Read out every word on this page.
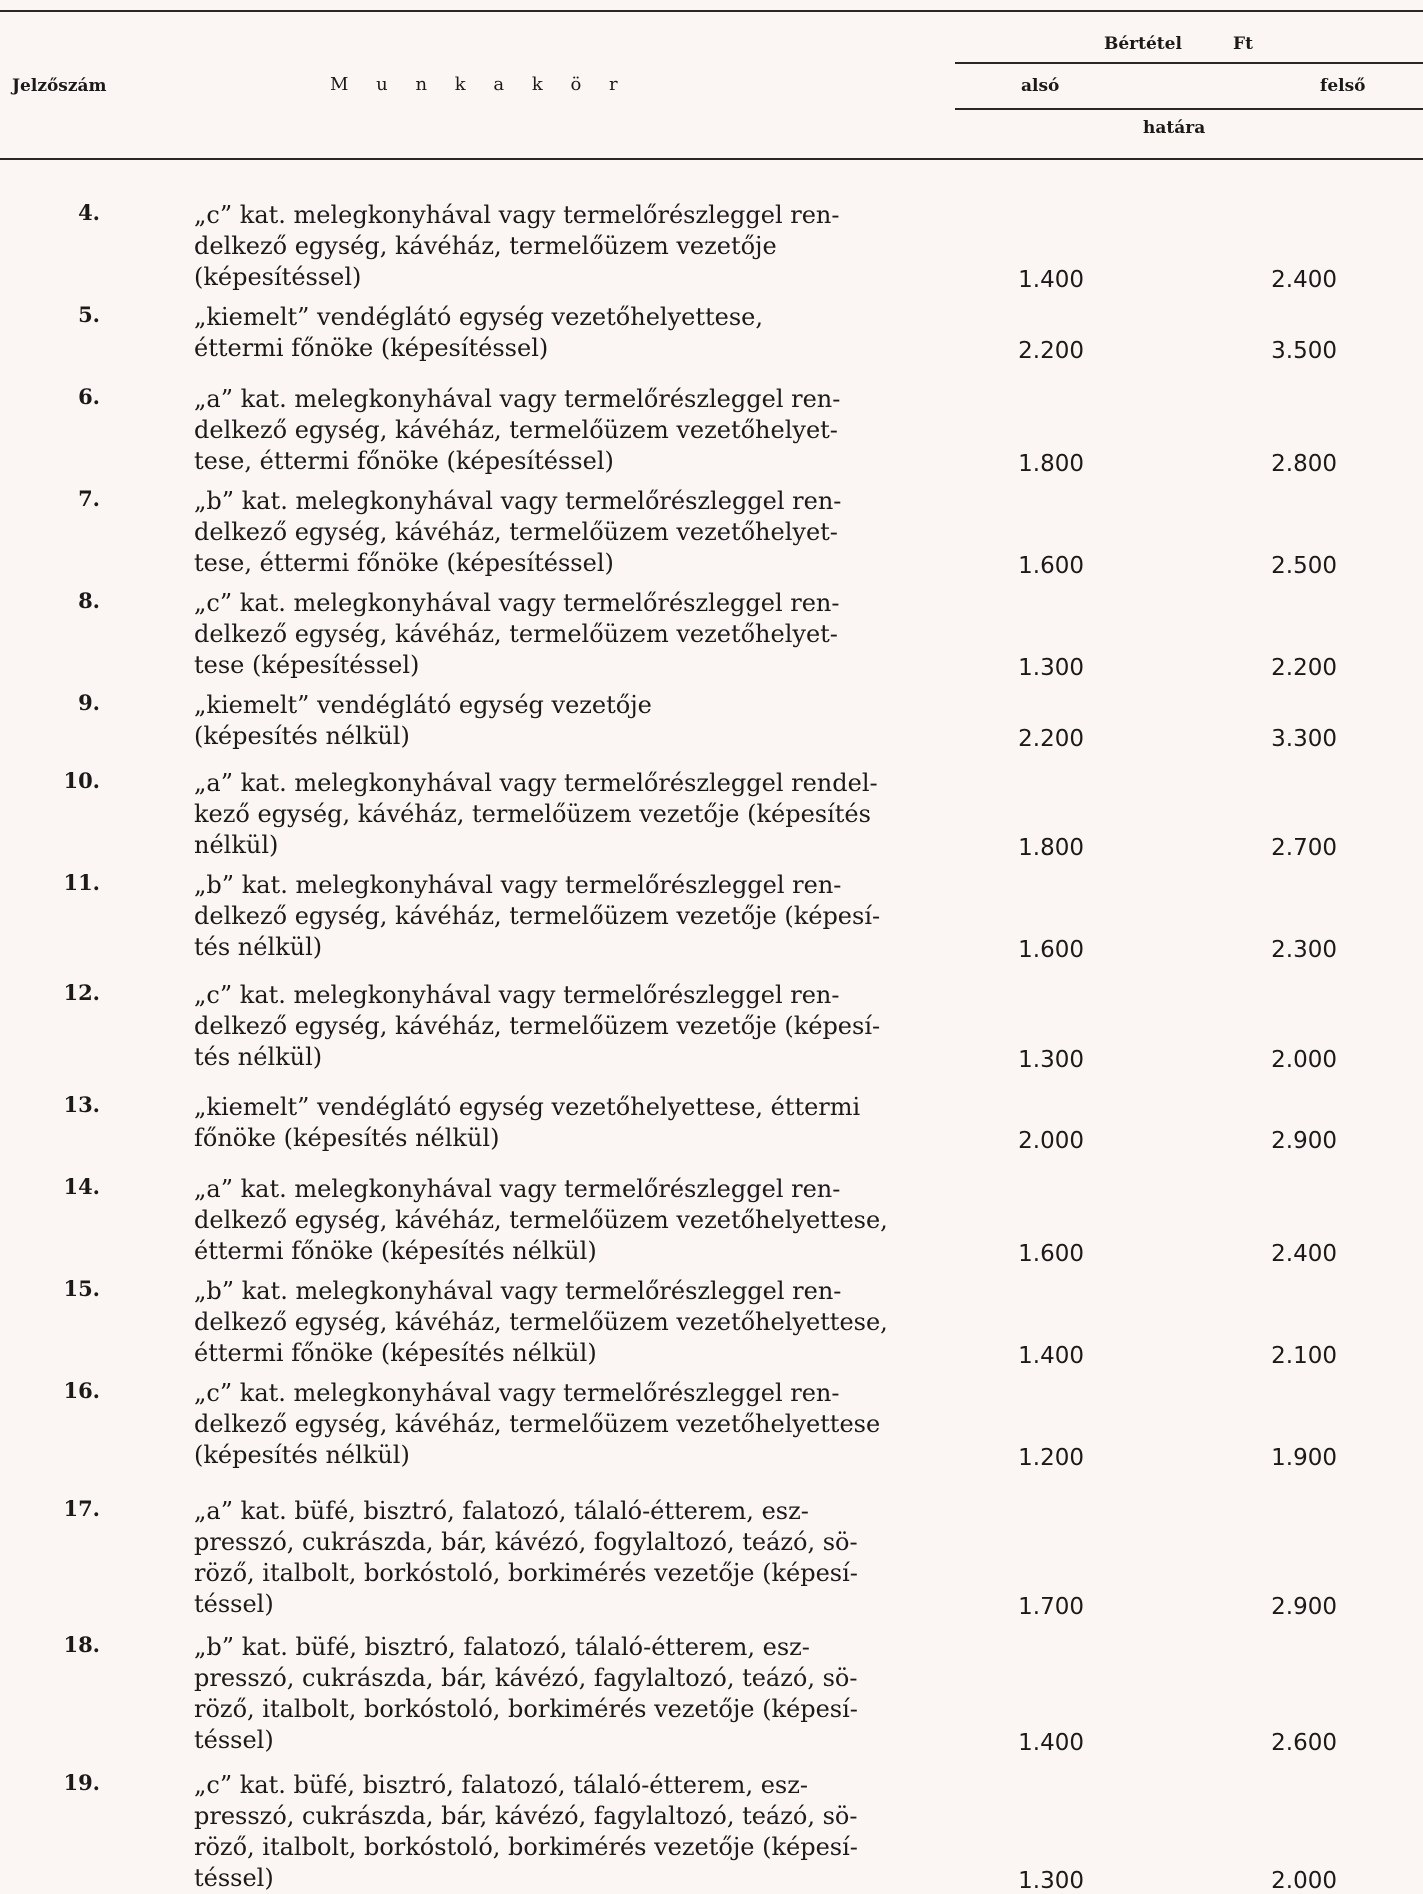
Jelzőszám	M u n k a k ö r
Bértétel	Ft
alsó	felső
határa
4.	„c” kat. melegkonyhával vagy termelőrészleggel ren-
delkező egység, kávéház, termelőüzem vezetője
(képesítéssel)	1.400	2.400
5.	„kiemelt” vendéglátó egység vezetőhelyettese,
éttermi főnöke (képesítéssel)	2.200	3.500
6.	„a” kat. melegkonyhával vagy termelőrészleggel ren-
delkező egység, kávéház, termelőüzem vezetőhelyet-
tese, éttermi főnöke (képesítéssel)	1.800	2.800
7.	„b” kat. melegkonyhával vagy termelőrészleggel ren-
delkező egység, kávéház, termelőüzem vezetőhelyet-
tese, éttermi főnöke (képesítéssel)	1.600	2.500
8.	„c” kat. melegkonyhával vagy termelőrészleggel ren-
delkező egység, kávéház, termelőüzem vezetőhelyet-
tese (képesítéssel)	1.300	2.200
9.	„kiemelt” vendéglátó egység vezetője
(képesítés nélkül)	2.200	3.300
10.	„a” kat. melegkonyhával vagy termelőrészleggel rendel-
kező egység, kávéház, termelőüzem vezetője (képesítés
nélkül)	1.800	2.700
11.	„b” kat. melegkonyhával vagy termelőrészleggel ren-
delkező egység, kávéház, termelőüzem vezetője (képesí-
tés nélkül)	1.600	2.300
12.	„c” kat. melegkonyhával vagy termelőrészleggel ren-
delkező egység, kávéház, termelőüzem vezetője (képesí-
tés nélkül)	1.300	2.000
13.	„kiemelt” vendéglátó egység vezetőhelyettese, éttermi
főnöke (képesítés nélkül)	2.000	2.900
14.	„a” kat. melegkonyhával vagy termelőrészleggel ren-
delkező egység, kávéház, termelőüzem vezetőhelyettese,
éttermi főnöke (képesítés nélkül)	1.600	2.400
15.	„b” kat. melegkonyhával vagy termelőrészleggel ren-
delkező egység, kávéház, termelőüzem vezetőhelyettese,
éttermi főnöke (képesítés nélkül)	1.400	2.100
16.	„c” kat. melegkonyhával vagy termelőrészleggel ren-
delkező egység, kávéház, termelőüzem vezetőhelyettese
(képesítés nélkül)	1.200	1.900
17.	„a” kat. büfé, bisztró, falatozó, tálaló-étterem, esz-
presszó, cukrászda, bár, kávézó, fogylaltozó, teázó, sö-
röző, italbolt, borkóstoló, borkimérés vezetője (képesí-
téssel)	1.700	2.900
18.	„b” kat. büfé, bisztró, falatozó, tálaló-étterem, esz-
presszó, cukrászda, bár, kávézó, fagylaltozó, teázó, sö-
röző, italbolt, borkóstoló, borkimérés vezetője (képesí-
téssel)	1.400	2.600
19.	„c” kat. büfé, bisztró, falatozó, tálaló-étterem, esz-
presszó, cukrászda, bár, kávézó, fagylaltozó, teázó, sö-
röző, italbolt, borkóstoló, borkimérés vezetője (képesí-
téssel)	1.300	2.000
